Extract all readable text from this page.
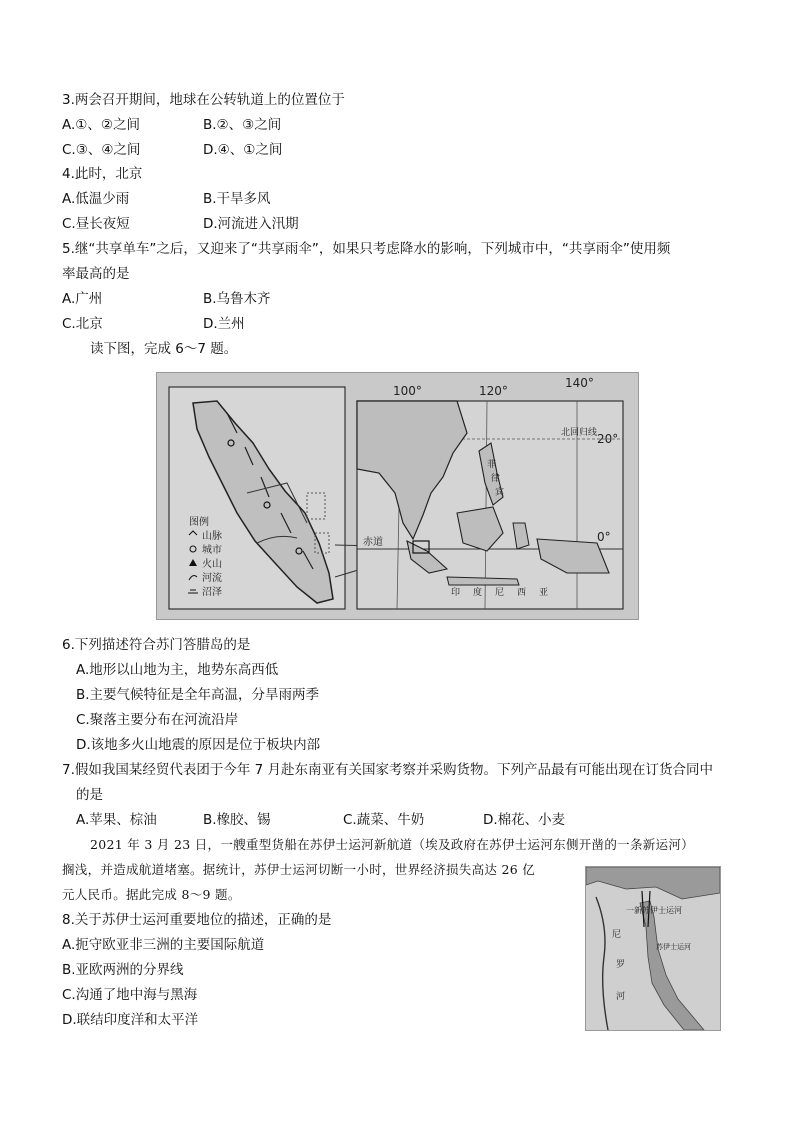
3.两会召开期间，地球在公转轨道上的位置位于
A.①、②之间	B.②、③之间
C.③、④之间	D.④、①之间
4.此时，北京
A.低温少雨	B.干旱多风
C.昼长夜短	D.河流进入汛期
5.继“共享单车”之后，又迎来了“共享雨伞”，如果只考虑降水的影响，下列城市中，“共享雨伞”使用频
率最高的是
A.广州	B.乌鲁木齐
C.北京	D.兰州
读下图，完成 6～7 题。
图例
山脉
城市
火山
河流
沼泽
100°	120°
140°
20°
0°
北回归线
赤道
菲
律
宾
印 度 尼 西 亚
6.下列描述符合苏门答腊岛的是
A.地形以山地为主，地势东高西低
B.主要气候特征是全年高温，分旱雨两季
C.聚落主要分布在河流沿岸
D.该地多火山地震的原因是位于板块内部
7.假如我国某经贸代表团于今年 7 月赴东南亚有关国家考察并采购货物。下列产品最有可能出现在订货合同中
的是
A.苹果、棕油	B.橡胶、锡	C.蔬菜、牛奶	D.棉花、小麦
2021 年 3 月 23 日，一艘重型货船在苏伊士运河新航道（埃及政府在苏伊士运河东侧开凿的一条新运河）
搁浅，并造成航道堵塞。据统计，苏伊士运河切断一小时，世界经济损失高达 26 亿
元人民币。据此完成 8～9 题。
一新苏伊士运河
尼
罗
河
苏伊士运河
8.关于苏伊士运河重要地位的描述，正确的是
A.扼守欧亚非三洲的主要国际航道
B.亚欧两洲的分界线
C.沟通了地中海与黑海
D.联结印度洋和太平洋
